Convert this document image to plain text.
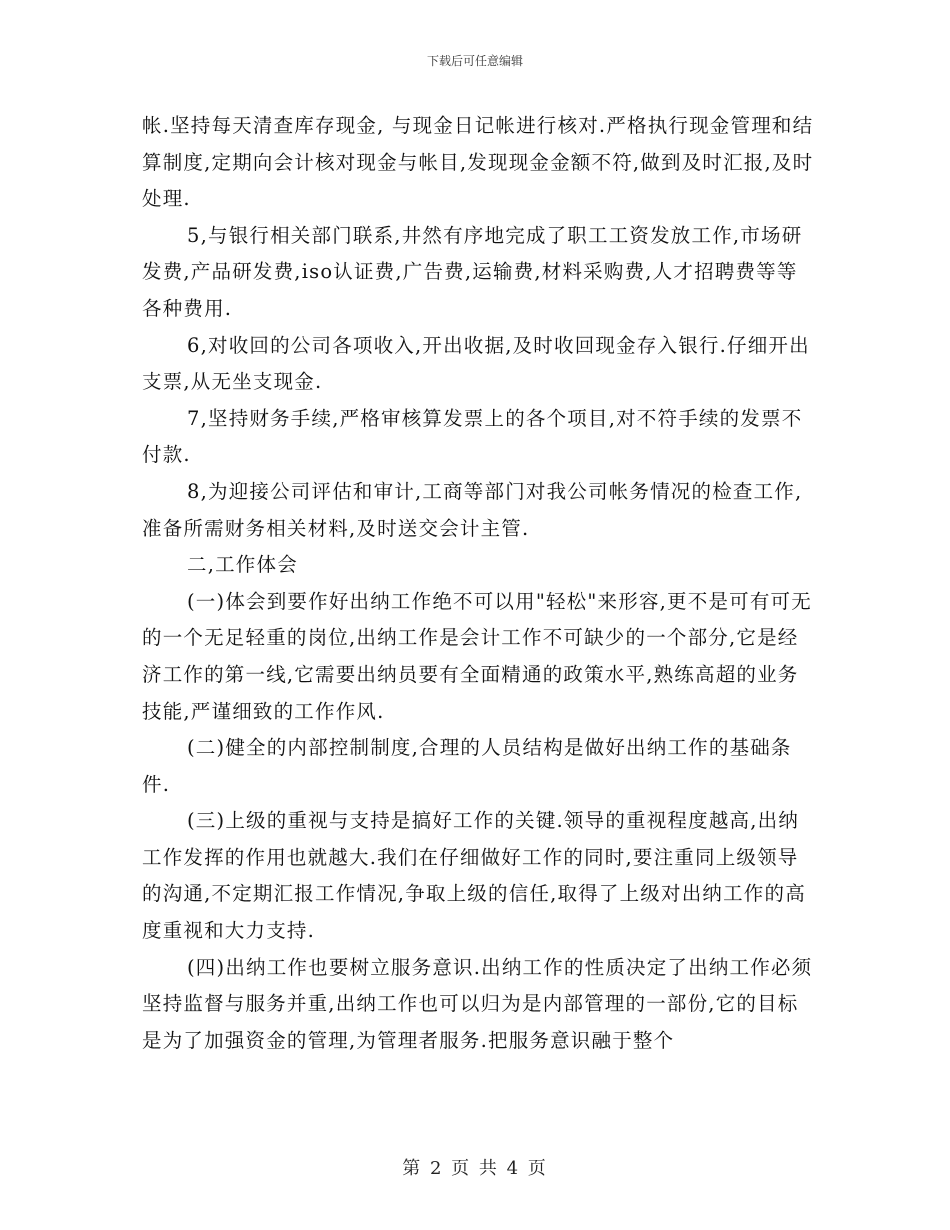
下载后可任意编辑

帐.坚持每天清查库存现金, 与现金日记帐进行核对.严格执行现金管理和结算制度,定期向会计核对现金与帐目,发现现金金额不符,做到及时汇报,及时处理.

5,与银行相关部门联系,井然有序地完成了职工工资发放工作,市场研发费,产品研发费,iso认证费,广告费,运输费,材料采购费,人才招聘费等等各种费用.

6,对收回的公司各项收入,开出收据,及时收回现金存入银行.仔细开出支票,从无坐支现金.

7,坚持财务手续,严格审核算发票上的各个项目,对不符手续的发票不付款.

8,为迎接公司评估和审计,工商等部门对我公司帐务情况的检查工作,准备所需财务相关材料,及时送交会计主管.

二,工作体会

(一)体会到要作好出纳工作绝不可以用"轻松"来形容,更不是可有可无的一个无足轻重的岗位,出纳工作是会计工作不可缺少的一个部分,它是经济工作的第一线,它需要出纳员要有全面精通的政策水平,熟练高超的业务技能,严谨细致的工作作风.

(二)健全的内部控制制度,合理的人员结构是做好出纳工作的基础条件.

(三)上级的重视与支持是搞好工作的关键.领导的重视程度越高,出纳工作发挥的作用也就越大.我们在仔细做好工作的同时,要注重同上级领导的沟通,不定期汇报工作情况,争取上级的信任,取得了上级对出纳工作的高度重视和大力支持.

(四)出纳工作也要树立服务意识.出纳工作的性质决定了出纳工作必须坚持监督与服务并重,出纳工作也可以归为是内部管理的一部份,它的目标是为了加强资金的管理,为管理者服务.把服务意识融于整个

第 2 页 共 4 页
